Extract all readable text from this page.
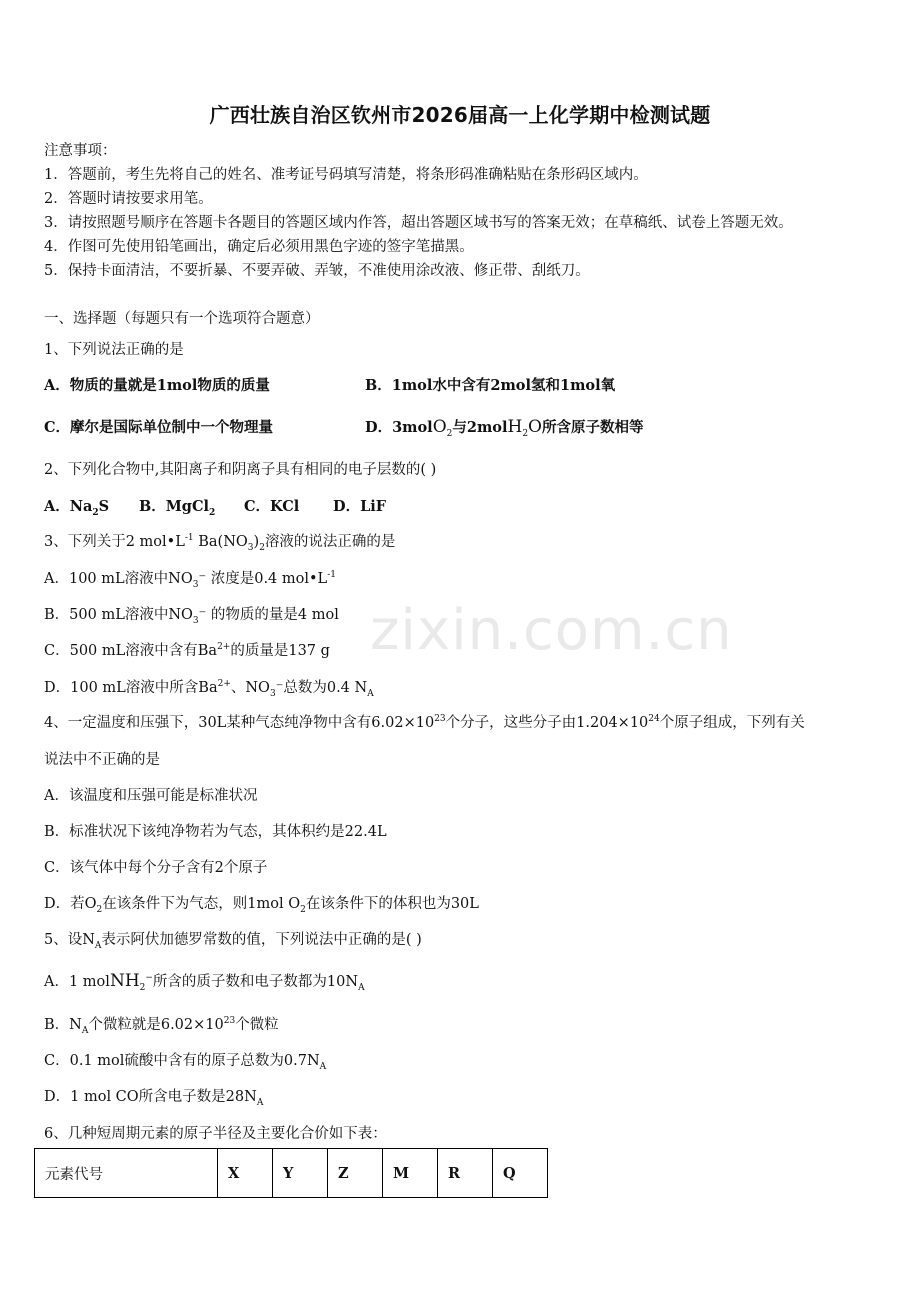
zixin.com.cn
广西壮族自治区钦州市2026届高一上化学期中检测试题
注意事项：
1．答题前，考生先将自己的姓名、准考证号码填写清楚，将条形码准确粘贴在条形码区域内。
2．答题时请按要求用笔。
3．请按照题号顺序在答题卡各题目的答题区域内作答，超出答题区域书写的答案无效；在草稿纸、试卷上答题无效。
4．作图可先使用铅笔画出，确定后必须用黑色字迹的签字笔描黑。
5．保持卡面清洁，不要折暴、不要弄破、弄皱，不准使用涂改液、修正带、刮纸刀。
一、选择题（每题只有一个选项符合题意）
1、下列说法正确的是
A．物质的量就是1mol物质的质量	B．1mol水中含有2mol氢和1mol氧
C．摩尔是国际单位制中一个物理量	D．3molO$_2$与2molH$_2$O所含原子数相等
2、下列化合物中,其阳离子和阴离子具有相同的电子层数的( )
A．$Na_2S$ B．MgCl$_2$ C．KCl D．LiF
3、下列关于2 $mol•L^{-1}$ $Ba(NO_3)_2$溶液的说法正确的是
A．100 mL溶液中$NO_3^-$ 浓度是0.4 $mol•L^{-1}$
B．500 mL溶液中$NO_3^-$ 的物质的量是4 mol
C．500 mL溶液中含有$Ba^{2+}$的质量是137 g
D．100 mL溶液中所含$Ba^{2+}$、$NO_3^-$总数为0.4 $N_A$
4、一定温度和压强下，30L某种气态纯净物中含有$6.02\times 10^{23}$个分子，这些分子由$1.204\times 10^{24}$个原子组成，下列有关
说法中不正确的是
A．该温度和压强可能是标准状况
B．标准状况下该纯净物若为气态，其体积约是22.4L
C．该气体中每个分子含有2个原子
D．若$O_2$在该条件下为气态，则1mol $O_2$在该条件下的体积也为30L
5、设$N_A$表示阿伏加德罗常数的值，下列说法中正确的是( )
A．1 molNH$_2$−所含的质子数和电子数都为$10N_A$
B．$N_A$个微粒就是$6.02\times 10^{23}$个微粒
C．0.1 mol硫酸中含有的原子总数为$0.7N_A$
D．1 mol CO所含电子数是$28N_A$
6、几种短周期元素的原子半径及主要化合价如下表：
元素代号	X	Y	Z	M	R	Q
